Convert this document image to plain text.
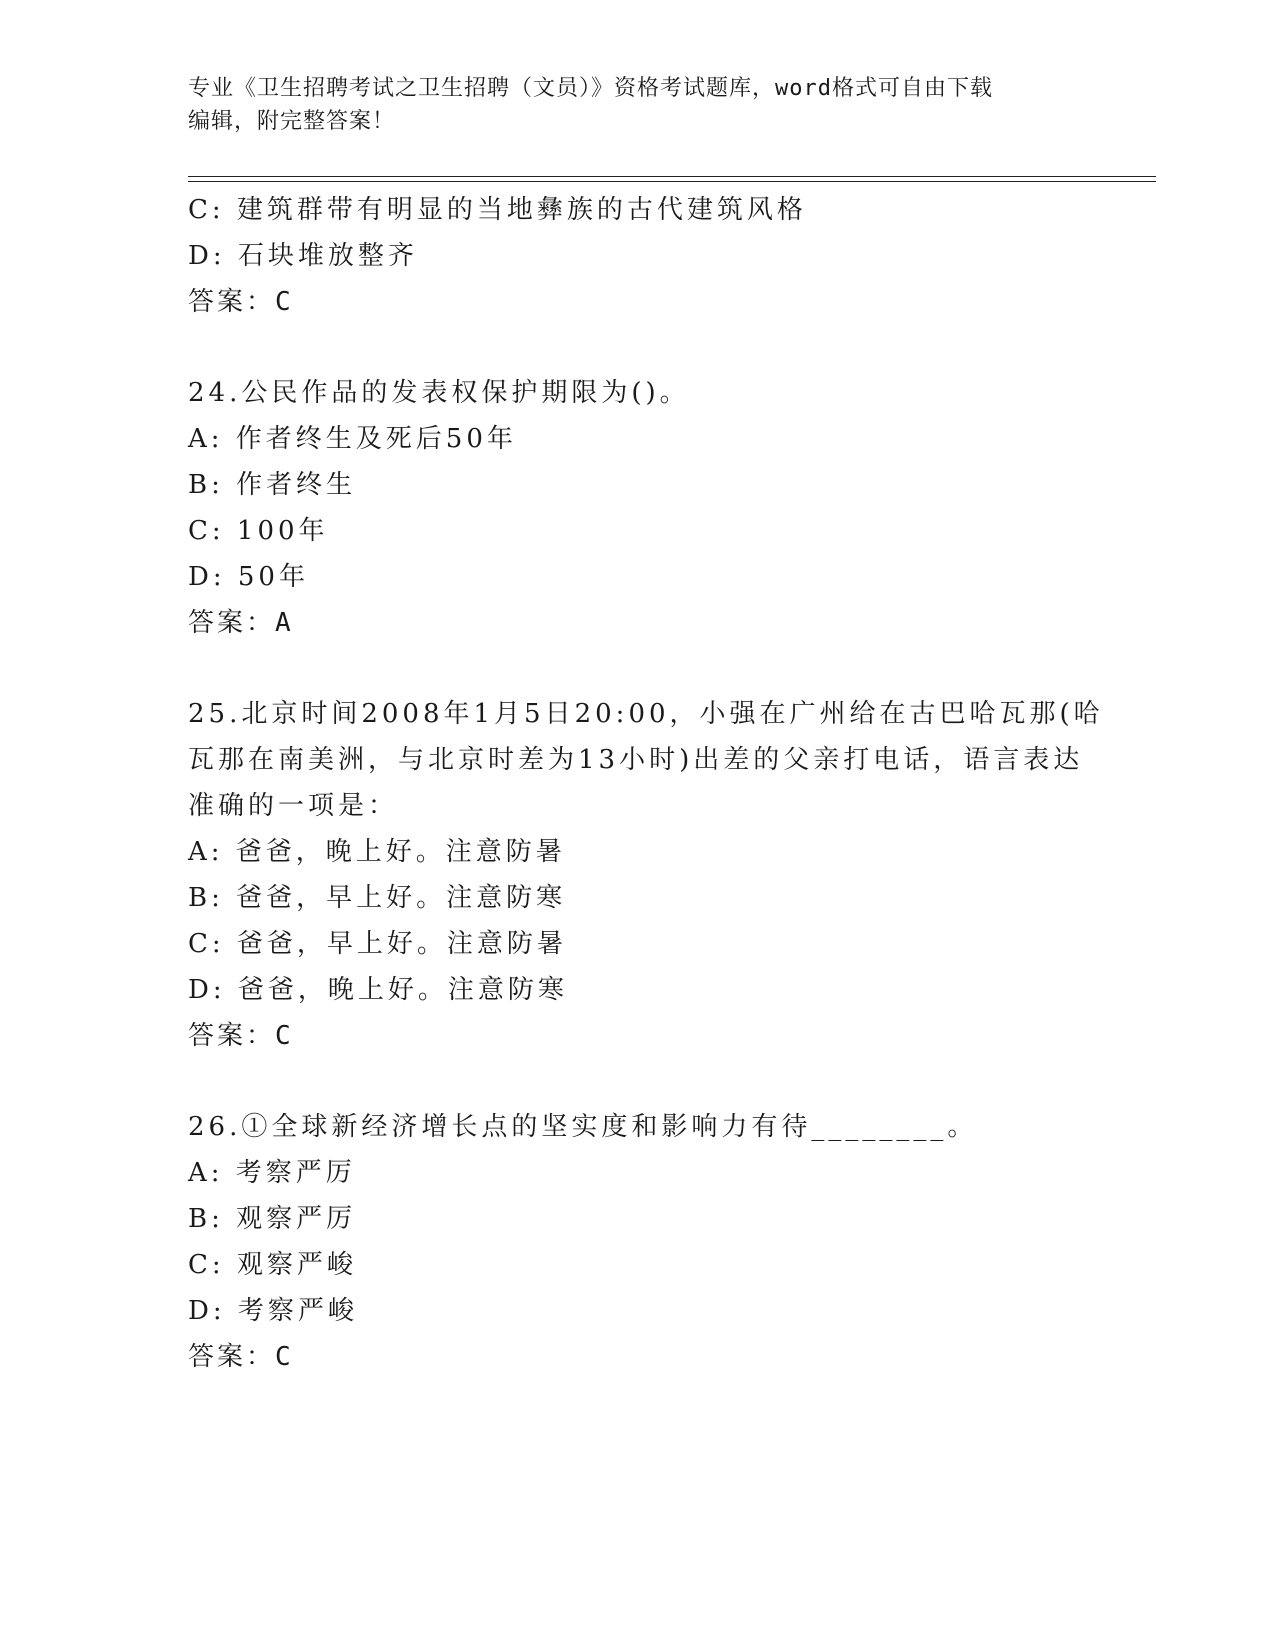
专业《卫生招聘考试之卫生招聘（文员）》资格考试题库，word格式可自由下载
编辑，附完整答案！
C: 建筑群带有明显的当地彝族的古代建筑风格
D: 石块堆放整齐
答案：C
24.公民作品的发表权保护期限为()。
A: 作者终生及死后50年
B: 作者终生
C: 100年
D: 50年
答案：A
25.北京时间2008年1月5日20:00，小强在广州给在古巴哈瓦那(哈
瓦那在南美洲，与北京时差为13小时)出差的父亲打电话，语言表达
准确的一项是：
A: 爸爸，晚上好。注意防暑
B: 爸爸，早上好。注意防寒
C: 爸爸，早上好。注意防暑
D: 爸爸，晚上好。注意防寒
答案：C
26.①全球新经济增长点的坚实度和影响力有待________。
A: 考察严厉
B: 观察严厉
C: 观察严峻
D: 考察严峻
答案：C
